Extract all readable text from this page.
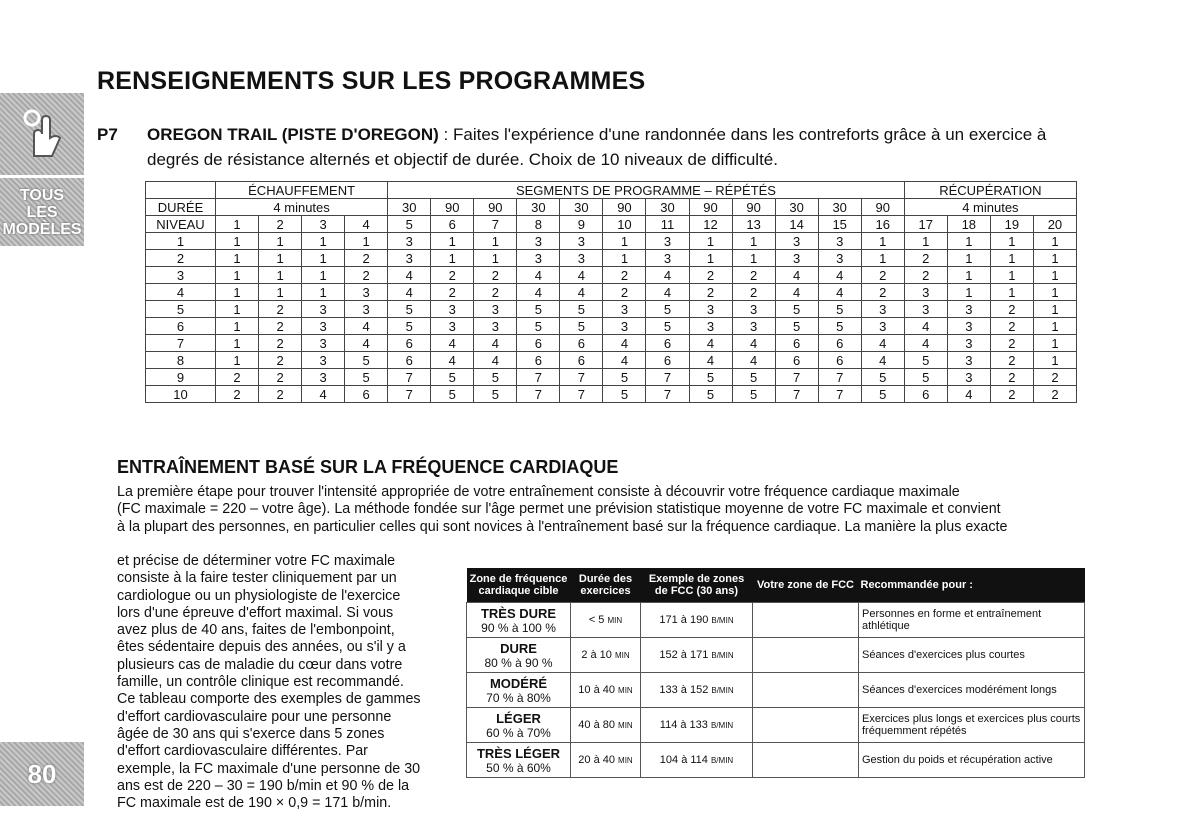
TOUS
LES
MODÈLES
80
RENSEIGNEMENTS SUR LES PROGRAMMES
P7 OREGON TRAIL (PISTE D'OREGON) : Faites l'expérience d'une randonnée dans les contreforts grâce à un exercice à
degrés de résistance alternés et objectif de durée. Choix de 10 niveaux de difficulté.
	ÉCHAUFFEMENT				SEGMENTS DE PROGRAMME – RÉPÉTÉS												RÉCUPÉRATION			
DURÉE	4 minutes				30	90	90	30	30	90	30	90	90	30	30	90	4 minutes			
NIVEAU	1	2	3	4	5	6	7	8	9	10	11	12	13	14	15	16	17	18	19	20
1	1	1	1	1	3	1	1	3	3	1	3	1	1	3	3	1	1	1	1	1
2	1	1	1	2	3	1	1	3	3	1	3	1	1	3	3	1	2	1	1	1
3	1	1	1	2	4	2	2	4	4	2	4	2	2	4	4	2	2	1	1	1
4	1	1	1	3	4	2	2	4	4	2	4	2	2	4	4	2	3	1	1	1
5	1	2	3	3	5	3	3	5	5	3	5	3	3	5	5	3	3	3	2	1
6	1	2	3	4	5	3	3	5	5	3	5	3	3	5	5	3	4	3	2	1
7	1	2	3	4	6	4	4	6	6	4	6	4	4	6	6	4	4	3	2	1
8	1	2	3	5	6	4	4	6	6	4	6	4	4	6	6	4	5	3	2	1
9	2	2	3	5	7	5	5	7	7	5	7	5	5	7	7	5	5	3	2	2
10	2	2	4	6	7	5	5	7	7	5	7	5	5	7	7	5	6	4	2	2
ENTRAÎNEMENT BASÉ SUR LA FRÉQUENCE CARDIAQUE
La première étape pour trouver l'intensité appropriée de votre entraînement consiste à découvrir votre fréquence cardiaque maximale
(FC maximale = 220 – votre âge). La méthode fondée sur l'âge permet une prévision statistique moyenne de votre FC maximale et convient
à la plupart des personnes, en particulier celles qui sont novices à l'entraînement basé sur la fréquence cardiaque. La manière la plus exacte
et précise de déterminer votre FC maximale
consiste à la faire tester cliniquement par un
cardiologue ou un physiologiste de l'exercice
lors d'une épreuve d'effort maximal. Si vous
avez plus de 40 ans, faites de l'embonpoint,
êtes sédentaire depuis des années, ou s'il y a
plusieurs cas de maladie du cœur dans votre
famille, un contrôle clinique est recommandé.
Ce tableau comporte des exemples de gammes
d'effort cardiovasculaire pour une personne
âgée de 30 ans qui s'exerce dans 5 zones
d'effort cardiovasculaire différentes. Par
exemple, la FC maximale d'une personne de 30
ans est de 220 – 30 = 190 b/min et 90 % de la
FC maximale est de 190 × 0,9 = 171 b/min.
Zone de fréquence cardiaque cible	Durée des exercices	Exemple de zones de FCC (30 ans)	Votre zone de FCC	Recommandée pour :

TRÈS DURE
90 % à 100 %	< 5 MIN	171 à 190 B/MIN		Personnes en forme et entraînement athlétique

DURE
80 % à 90 %	2 à 10 MIN	152 à 171 B/MIN		Séances d'exercices plus courtes

MODÉRÉ
70 % à 80%	10 à 40 MIN	133 à 152 B/MIN		Séances d'exercices modérément longs

LÉGER
60 % à 70%	40 à 80 MIN	114 à 133 B/MIN		Exercices plus longs et exercices plus courts fréquemment répétés

TRÈS LÉGER
50 % à 60%	20 à 40 MIN	104 à 114 B/MIN		Gestion du poids et récupération active
